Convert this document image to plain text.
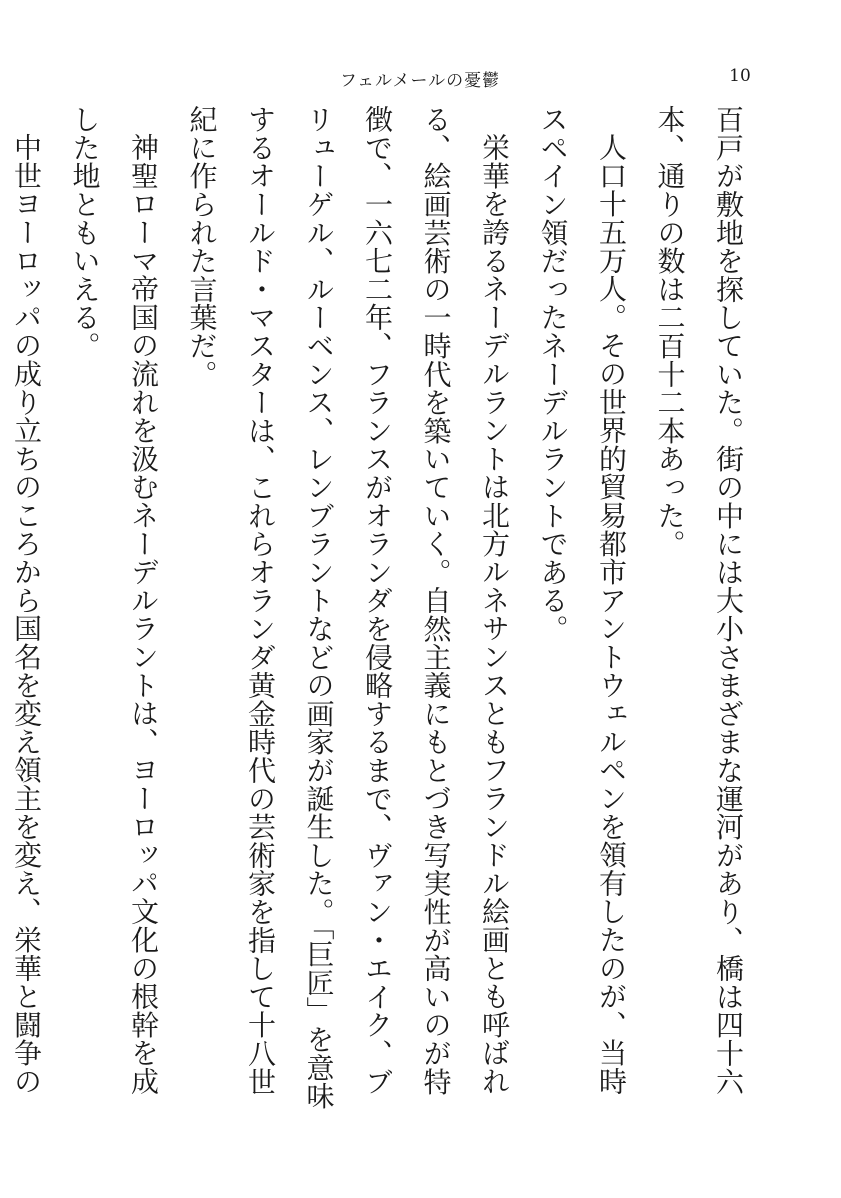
フェルメールの憂鬱	10

百戸が敷地を探していた。街の中には大小さまざまな運河があり、橋は四十六本、通りの数は二百十二本あった。

人口十五万人。その世界的貿易都市アントウェルペンを領有したのが、当時スペイン領だったネーデルラントである。

栄華を誇るネーデルラントは北方ルネサンスともフランドル絵画とも呼ばれる、絵画芸術の一時代を築いていく。自然主義にもとづき写実性が高いのが特徴で、一六七二年、フランスがオランダを侵略するまで、ヴァン・エイク、ブリューゲル、ルーベンス、レンブラントなどの画家が誕生した。「巨匠」を意味するオールド・マスターは、これらオランダ黄金時代の芸術家を指して十八世紀に作られた言葉だ。

神聖ローマ帝国の流れを汲むネーデルラントは、ヨーロッパ文化の根幹を成した地ともいえる。

中世ヨーロッパの成り立ちのころから国名を変え領主を変え、栄華と闘争の
